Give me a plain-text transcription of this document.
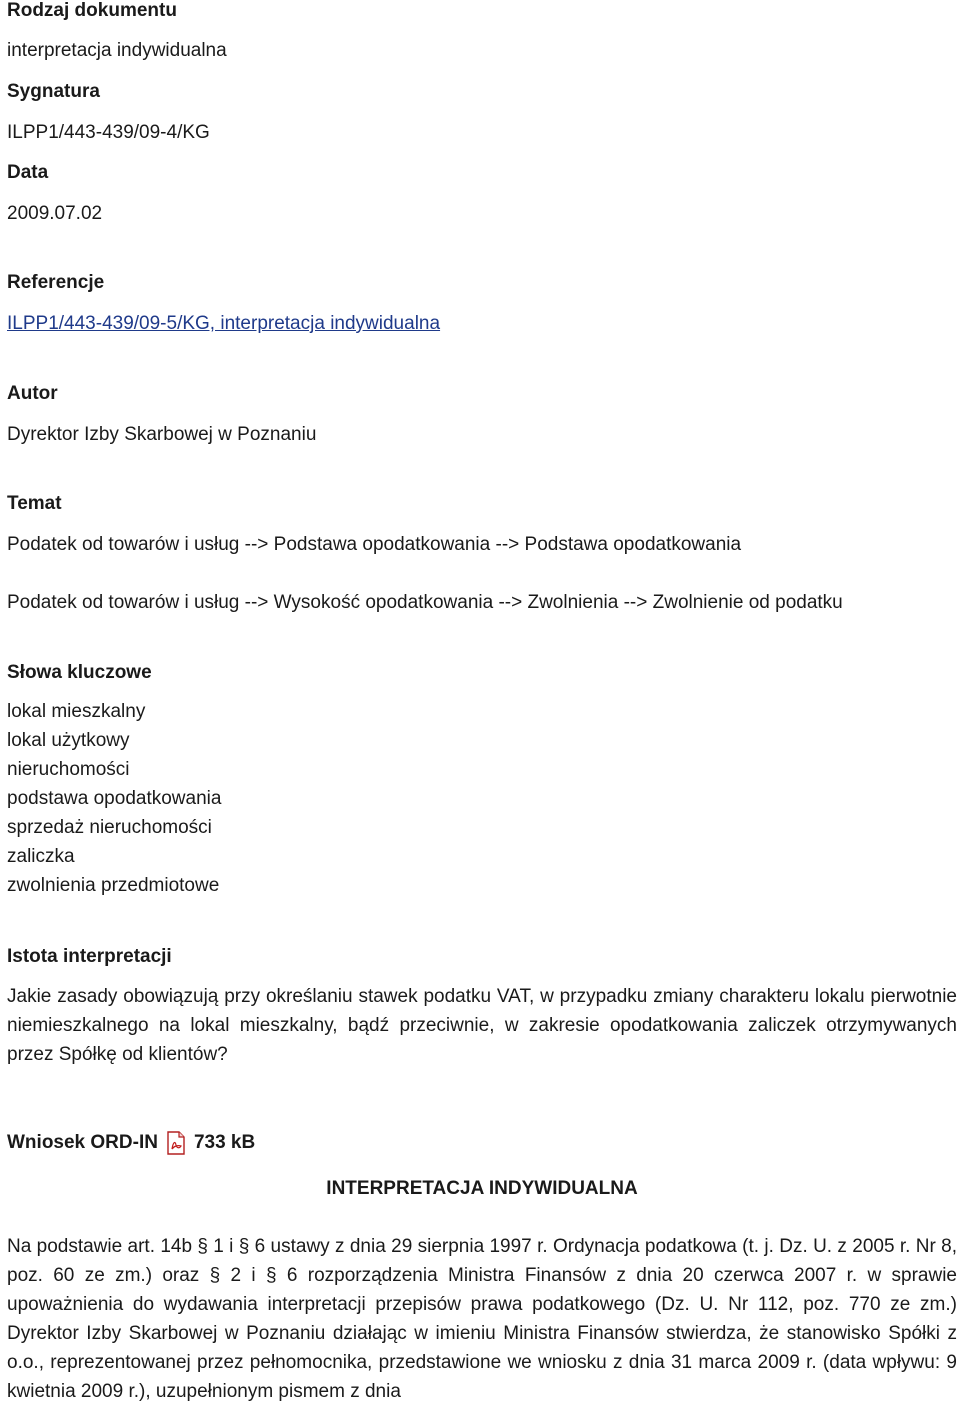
Rodzaj dokumentu
interpretacja indywidualna
Sygnatura
ILPP1/443-439/09-4/KG
Data
2009.07.02
Referencje
ILPP1/443-439/09-5/KG, interpretacja indywidualna
Autor
Dyrektor Izby Skarbowej w Poznaniu
Temat
Podatek od towarów i usług --> Podstawa opodatkowania --> Podstawa opodatkowania
Podatek od towarów i usług --> Wysokość opodatkowania --> Zwolnienia --> Zwolnienie od podatku
Słowa kluczowe
lokal mieszkalny
lokal użytkowy
nieruchomości
podstawa opodatkowania
sprzedaż nieruchomości
zaliczka
zwolnienia przedmiotowe
Istota interpretacji

Jakie zasady obowiązują przy określaniu stawek podatku VAT, w przypadku zmiany charakteru lokalu pierwotnie niemieszkalnego na lokal mieszkalny, bądź przeciwnie, w zakresie opodatkowania zaliczek otrzymywanych przez Spółkę od klientów?

Wniosek ORD-IN 733 kB
INTERPRETACJA INDYWIDUALNA

Na podstawie art. 14b § 1 i § 6 ustawy z dnia 29 sierpnia 1997 r. Ordynacja podatkowa (t. j. Dz. U. z 2005 r. Nr 8, poz. 60 ze zm.) oraz § 2 i § 6 rozporządzenia Ministra Finansów z dnia 20 czerwca 2007 r. w sprawie upoważnienia do wydawania interpretacji przepisów prawa podatkowego (Dz. U. Nr 112, poz. 770 ze zm.) Dyrektor Izby Skarbowej w Poznaniu działając w imieniu Ministra Finansów stwierdza, że stanowisko Spółki z o.o., reprezentowanej przez pełnomocnika, przedstawione we wniosku z dnia 31 marca 2009 r. (data wpływu: 9 kwietnia 2009 r.), uzupełnionym pismem z dnia
